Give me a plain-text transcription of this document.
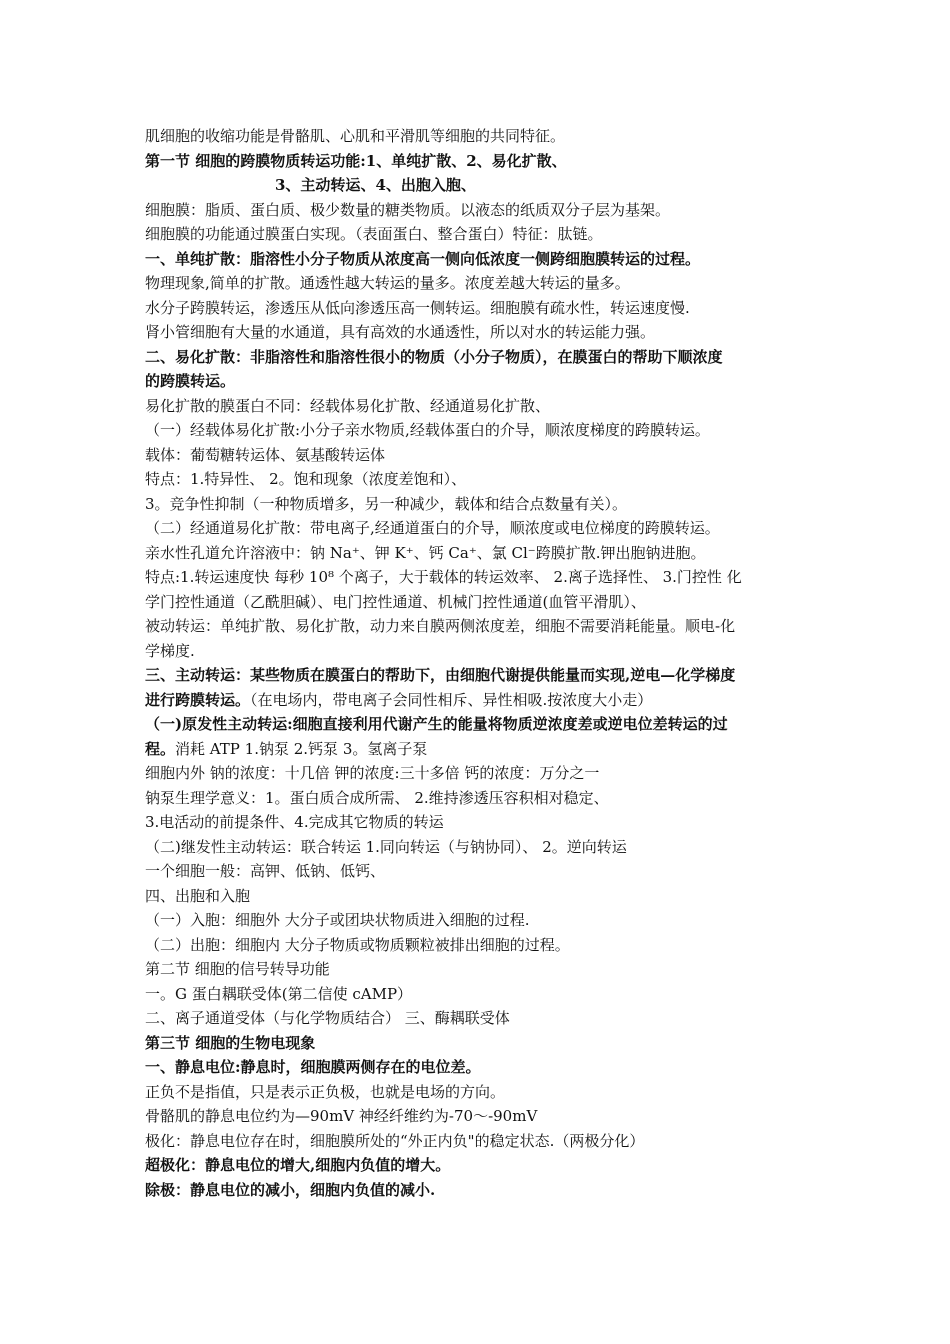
肌细胞的收缩功能是骨骼肌、心肌和平滑肌等细胞的共同特征。
第一节 细胞的跨膜物质转运功能:1、单纯扩散、2、易化扩散、
3、主动转运、4、出胞入胞、
细胞膜：脂质、蛋白质、极少数量的糖类物质。以液态的纸质双分子层为基架。
细胞膜的功能通过膜蛋白实现。（表面蛋白、整合蛋白）特征：肽链。
一、单纯扩散：脂溶性小分子物质从浓度高一侧向低浓度一侧跨细胞膜转运的过程。
物理现象,简单的扩散。通透性越大转运的量多。浓度差越大转运的量多。
水分子跨膜转运，渗透压从低向渗透压高一侧转运。细胞膜有疏水性，转运速度慢.
肾小管细胞有大量的水通道，具有高效的水通透性，所以对水的转运能力强。
二、易化扩散：非脂溶性和脂溶性很小的物质（小分子物质），在膜蛋白的帮助下顺浓度
的跨膜转运。
易化扩散的膜蛋白不同：经载体易化扩散、经通道易化扩散、
（一）经载体易化扩散:小分子亲水物质,经载体蛋白的介导，顺浓度梯度的跨膜转运。
载体：葡萄糖转运体、氨基酸转运体
特点：1.特异性、 2。饱和现象（浓度差饱和）、
3。竞争性抑制（一种物质增多，另一种减少，载体和结合点数量有关）。
（二）经通道易化扩散：带电离子,经通道蛋白的介导，顺浓度或电位梯度的跨膜转运。
亲水性孔道允许溶液中：钠 Na⁺、钾 K⁺、钙 Ca⁺、氯 Cl⁻跨膜扩散.钾出胞钠进胞。
特点:1.转运速度快 每秒 10⁸ 个离子，大于载体的转运效率、 2.离子选择性、 3.门控性 化
学门控性通道（乙酰胆碱）、电门控性通道、机械门控性通道(血管平滑肌）、
被动转运：单纯扩散、易化扩散，动力来自膜两侧浓度差，细胞不需要消耗能量。顺电-化
学梯度.
三、主动转运：某些物质在膜蛋白的帮助下，由细胞代谢提供能量而实现,逆电—化学梯度
进行跨膜转运。（在电场内，带电离子会同性相斥、异性相吸.按浓度大小走）
（一)原发性主动转运:细胞直接利用代谢产生的能量将物质逆浓度差或逆电位差转运的过
程。消耗 ATP 1.钠泵 2.钙泵 3。氢离子泵
细胞内外 钠的浓度：十几倍 钾的浓度:三十多倍 钙的浓度：万分之一
钠泵生理学意义：1。蛋白质合成所需、 2.维持渗透压容积相对稳定、
3.电活动的前提条件、4.完成其它物质的转运
（二)继发性主动转运：联合转运 1.同向转运（与钠协同）、 2。逆向转运
一个细胞一般：高钾、低钠、低钙、
四、出胞和入胞
（一）入胞：细胞外 大分子或团块状物质进入细胞的过程.
（二）出胞：细胞内 大分子物质或物质颗粒被排出细胞的过程。
第二节 细胞的信号转导功能
一。G 蛋白耦联受体(第二信使 cAMP）
二、离子通道受体（与化学物质结合） 三、酶耦联受体
第三节 细胞的生物电现象
一、静息电位:静息时，细胞膜两侧存在的电位差。
正负不是指值，只是表示正负极，也就是电场的方向。
骨骼肌的静息电位约为—90mV 神经纤维约为-70～-90mV
极化：静息电位存在时，细胞膜所处的“外正内负"的稳定状态.（两极分化）
超极化：静息电位的增大,细胞内负值的增大。
除极：静息电位的减小，细胞内负值的减小.
